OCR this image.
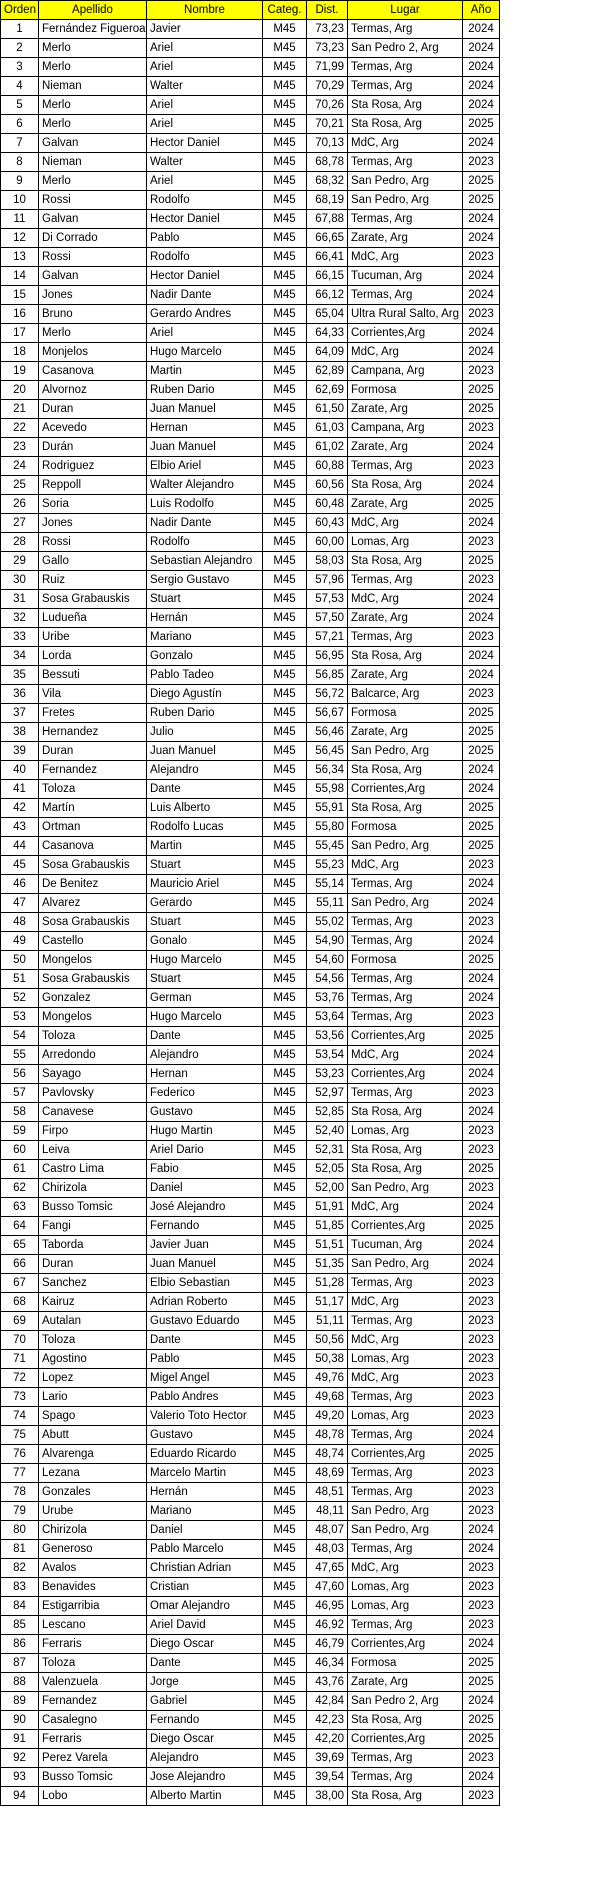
Orden	Apellido	Nombre	Categ.	Dist.	Lugar	Año
1	Fernández Figueroa	Javier	M45	73,23	Termas, Arg	2024
2	Merlo	Ariel	M45	73,23	San Pedro 2, Arg	2024
3	Merlo	Ariel	M45	71,99	Termas, Arg	2024
4	Nieman	Walter	M45	70,29	Termas, Arg	2024
5	Merlo	Ariel	M45	70,26	Sta Rosa, Arg	2024
6	Merlo	Ariel	M45	70,21	Sta Rosa, Arg	2025
7	Galvan	Hector Daniel	M45	70,13	MdC, Arg	2024
8	Nieman	Walter	M45	68,78	Termas, Arg	2023
9	Merlo	Ariel	M45	68,32	San Pedro, Arg	2025
10	Rossi	Rodolfo	M45	68,19	San Pedro, Arg	2025
11	Galvan	Hector Daniel	M45	67,88	Termas, Arg	2024
12	Di Corrado	Pablo	M45	66,65	Zarate, Arg	2024
13	Rossi	Rodolfo	M45	66,41	MdC, Arg	2023
14	Galvan	Hector Daniel	M45	66,15	Tucuman, Arg	2024
15	Jones	Nadir Dante	M45	66,12	Termas, Arg	2024
16	Bruno	Gerardo Andres	M45	65,04	Ultra Rural Salto, Arg	2023
17	Merlo	Ariel	M45	64,33	Corrientes,Arg	2024
18	Monjelos	Hugo Marcelo	M45	64,09	MdC, Arg	2024
19	Casanova	Martin	M45	62,89	Campana, Arg	2023
20	Alvornoz	Ruben Dario	M45	62,69	Formosa	2025
21	Duran	Juan Manuel	M45	61,50	Zarate, Arg	2025
22	Acevedo	Hernan	M45	61,03	Campana, Arg	2023
23	Durán	Juan Manuel	M45	61,02	Zarate, Arg	2024
24	Rodriguez	Elbio Ariel	M45	60,88	Termas, Arg	2023
25	Reppoll	Walter Alejandro	M45	60,56	Sta Rosa, Arg	2024
26	Soria	Luis Rodolfo	M45	60,48	Zarate, Arg	2025
27	Jones	Nadir Dante	M45	60,43	MdC, Arg	2024
28	Rossi	Rodolfo	M45	60,00	Lomas, Arg	2023
29	Gallo	Sebastian Alejandro	M45	58,03	Sta Rosa, Arg	2025
30	Ruiz	Sergio Gustavo	M45	57,96	Termas, Arg	2023
31	Sosa Grabauskis	Stuart	M45	57,53	MdC, Arg	2024
32	Ludueña	Hernán	M45	57,50	Zarate, Arg	2024
33	Uribe	Mariano	M45	57,21	Termas, Arg	2023
34	Lorda	Gonzalo	M45	56,95	Sta Rosa, Arg	2024
35	Bessuti	Pablo Tadeo	M45	56,85	Zarate, Arg	2024
36	Vila	Diego Agustín	M45	56,72	Balcarce, Arg	2023
37	Fretes	Ruben Dario	M45	56,67	Formosa	2025
38	Hernandez	Julio	M45	56,46	Zarate, Arg	2025
39	Duran	Juan Manuel	M45	56,45	San Pedro, Arg	2025
40	Fernandez	Alejandro	M45	56,34	Sta Rosa, Arg	2024
41	Toloza	Dante	M45	55,98	Corrientes,Arg	2024
42	Martín	Luis Alberto	M45	55,91	Sta Rosa, Arg	2025
43	Ortman	Rodolfo Lucas	M45	55,80	Formosa	2025
44	Casanova	Martin	M45	55,45	San Pedro, Arg	2025
45	Sosa Grabauskis	Stuart	M45	55,23	MdC, Arg	2023
46	De Benitez	Mauricio Ariel	M45	55,14	Termas, Arg	2024
47	Alvarez	Gerardo	M45	55,11	San Pedro, Arg	2024
48	Sosa Grabauskis	Stuart	M45	55,02	Termas, Arg	2023
49	Castello	Gonalo	M45	54,90	Termas, Arg	2024
50	Mongelos	Hugo Marcelo	M45	54,60	Formosa	2025
51	Sosa Grabauskis	Stuart	M45	54,56	Termas, Arg	2024
52	Gonzalez	German	M45	53,76	Termas, Arg	2024
53	Mongelos	Hugo Marcelo	M45	53,64	Termas, Arg	2023
54	Toloza	Dante	M45	53,56	Corrientes,Arg	2025
55	Arredondo	Alejandro	M45	53,54	MdC, Arg	2024
56	Sayago	Hernan	M45	53,23	Corrientes,Arg	2024
57	Pavlovsky	Federico	M45	52,97	Termas, Arg	2023
58	Canavese	Gustavo	M45	52,85	Sta Rosa, Arg	2024
59	Firpo	Hugo Martin	M45	52,40	Lomas, Arg	2023
60	Leiva	Ariel Dario	M45	52,31	Sta Rosa, Arg	2023
61	Castro Lima	Fabio	M45	52,05	Sta Rosa, Arg	2025
62	Chirizola	Daniel	M45	52,00	San Pedro, Arg	2023
63	Busso Tomsic	José Alejandro	M45	51,91	MdC, Arg	2024
64	Fangi	Fernando	M45	51,85	Corrientes,Arg	2025
65	Taborda	Javier Juan	M45	51,51	Tucuman, Arg	2024
66	Duran	Juan Manuel	M45	51,35	San Pedro, Arg	2024
67	Sanchez	Elbio Sebastian	M45	51,28	Termas, Arg	2023
68	Kairuz	Adrian Roberto	M45	51,17	MdC, Arg	2023
69	Autalan	Gustavo Eduardo	M45	51,11	Termas, Arg	2023
70	Toloza	Dante	M45	50,56	MdC, Arg	2023
71	Agostino	Pablo	M45	50,38	Lomas, Arg	2023
72	Lopez	Migel Angel	M45	49,76	MdC, Arg	2023
73	Lario	Pablo Andres	M45	49,68	Termas, Arg	2023
74	Spago	Valerio Toto Hector	M45	49,20	Lomas, Arg	2023
75	Abutt	Gustavo	M45	48,78	Termas, Arg	2024
76	Alvarenga	Eduardo Ricardo	M45	48,74	Corrientes,Arg	2025
77	Lezana	Marcelo Martin	M45	48,69	Termas, Arg	2023
78	Gonzales	Hernán	M45	48,51	Termas, Arg	2023
79	Urube	Mariano	M45	48,11	San Pedro, Arg	2023
80	Chirizola	Daniel	M45	48,07	San Pedro, Arg	2024
81	Generoso	Pablo Marcelo	M45	48,03	Termas, Arg	2024
82	Avalos	Christian Adrian	M45	47,65	MdC, Arg	2023
83	Benavides	Cristian	M45	47,60	Lomas, Arg	2023
84	Estigarribia	Omar Alejandro	M45	46,95	Lomas, Arg	2023
85	Lescano	Ariel David	M45	46,92	Termas, Arg	2023
86	Ferraris	Diego Oscar	M45	46,79	Corrientes,Arg	2024
87	Toloza	Dante	M45	46,34	Formosa	2025
88	Valenzuela	Jorge	M45	43,76	Zarate, Arg	2025
89	Fernandez	Gabriel	M45	42,84	San Pedro 2, Arg	2024
90	Casalegno	Fernando	M45	42,23	Sta Rosa, Arg	2025
91	Ferraris	Diego Oscar	M45	42,20	Corrientes,Arg	2025
92	Perez Varela	Alejandro	M45	39,69	Termas, Arg	2023
93	Busso Tomsic	Jose Alejandro	M45	39,54	Termas, Arg	2024
94	Lobo	Alberto Martin	M45	38,00	Sta Rosa, Arg	2023
